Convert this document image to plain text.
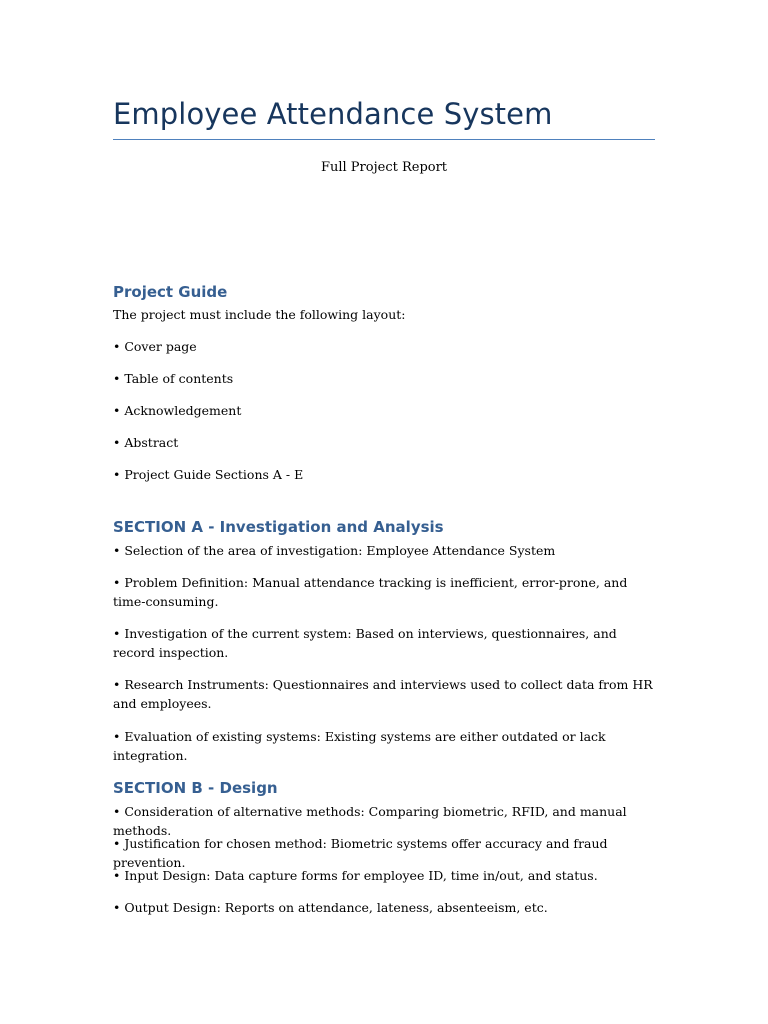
Employee Attendance System
Full Project Report
Project Guide

The project must include the following layout:

• Cover page

• Table of contents

• Acknowledgement

• Abstract

• Project Guide Sections A - E

SECTION A - Investigation and Analysis

• Selection of the area of investigation: Employee Attendance System

• Problem Definition: Manual attendance tracking is inefficient, error-prone, and time-consuming.

• Investigation of the current system: Based on interviews, questionnaires, and record inspection.

• Research Instruments: Questionnaires and interviews used to collect data from HR and employees.

• Evaluation of existing systems: Existing systems are either outdated or lack integration.

SECTION B - Design

• Consideration of alternative methods: Comparing biometric, RFID, and manual methods.

• Justification for chosen method: Biometric systems offer accuracy and fraud prevention.

• Input Design: Data capture forms for employee ID, time in/out, and status.

• Output Design: Reports on attendance, lateness, absenteeism, etc.
